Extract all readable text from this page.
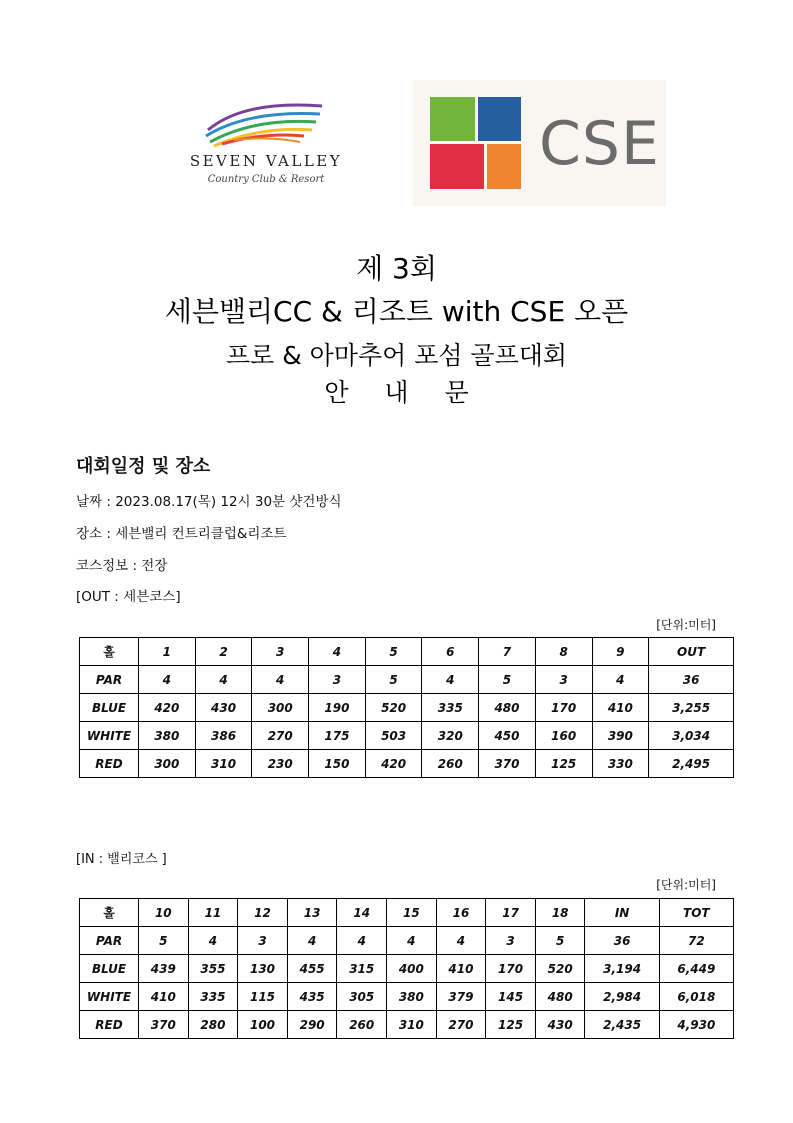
SEVEN VALLEY
Country Club & Resort
CSE
제 3회
세븐밸리CC & 리조트 with CSE 오픈
프로 & 아마추어 포섬 골프대회
안 내 문
대회일정 및 장소
날짜 : 2023.08.17(목) 12시 30분 샷건방식
장소 : 세븐밸리 컨트리클럽&리조트
코스정보 : 전장
[OUT : 세븐코스]
[단위:미터]
홀	1	2	3	4	5	6	7	8	9	OUT
PAR	4	4	4	3	5	4	5	3	4	36
BLUE	420	430	300	190	520	335	480	170	410	3,255
WHITE	380	386	270	175	503	320	450	160	390	3,034
RED	300	310	230	150	420	260	370	125	330	2,495
[IN : 밸리코스 ]
[단위:미터]
홀	10	11	12	13	14	15	16	17	18	IN	TOT
PAR	5	4	3	4	4	4	4	3	5	36	72
BLUE	439	355	130	455	315	400	410	170	520	3,194	6,449
WHITE	410	335	115	435	305	380	379	145	480	2,984	6,018
RED	370	280	100	290	260	310	270	125	430	2,435	4,930
